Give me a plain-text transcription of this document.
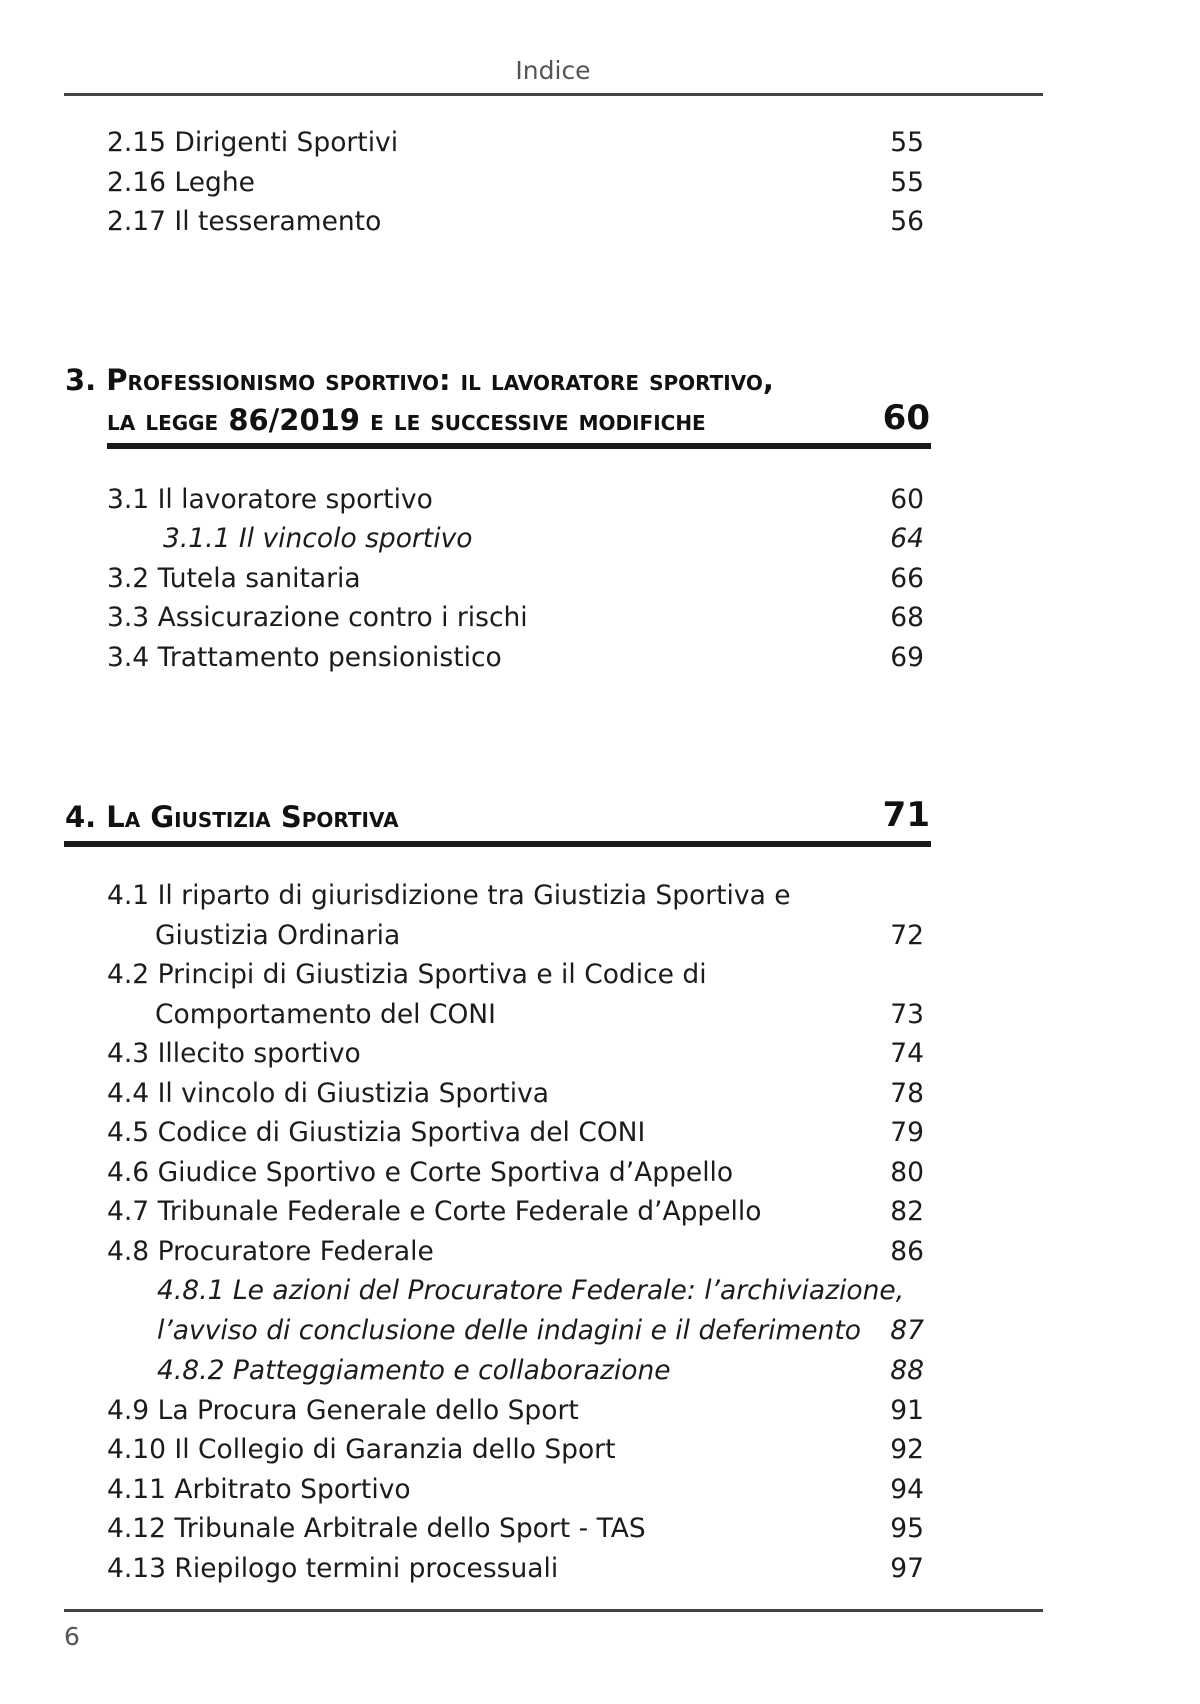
Indice
2.15 Dirigenti Sportivi	55
2.16 Leghe	55
2.17 Il tesseramento	56
3. Professionismo sportivo: il lavoratore sportivo,
la legge 86/2019 e le successive modifiche	60
3.1 Il lavoratore sportivo	60
3.1.1 Il vincolo sportivo	64
3.2 Tutela sanitaria	66
3.3 Assicurazione contro i rischi	68
3.4 Trattamento pensionistico	69
4. La Giustizia Sportiva	71
4.1 Il riparto di giurisdizione tra Giustizia Sportiva e
Giustizia Ordinaria	72
4.2 Principi di Giustizia Sportiva e il Codice di
Comportamento del CONI	73
4.3 Illecito sportivo	74
4.4 Il vincolo di Giustizia Sportiva	78
4.5 Codice di Giustizia Sportiva del CONI	79
4.6 Giudice Sportivo e Corte Sportiva d’Appello	80
4.7 Tribunale Federale e Corte Federale d’Appello	82
4.8 Procuratore Federale	86
4.8.1 Le azioni del Procuratore Federale: l’archiviazione,
l’avviso di conclusione delle indagini e il deferimento 87
4.8.2 Patteggiamento e collaborazione	88
4.9 La Procura Generale dello Sport	91
4.10 Il Collegio di Garanzia dello Sport	92
4.11 Arbitrato Sportivo	94
4.12 Tribunale Arbitrale dello Sport - TAS	95
4.13 Riepilogo termini processuali	97
6
